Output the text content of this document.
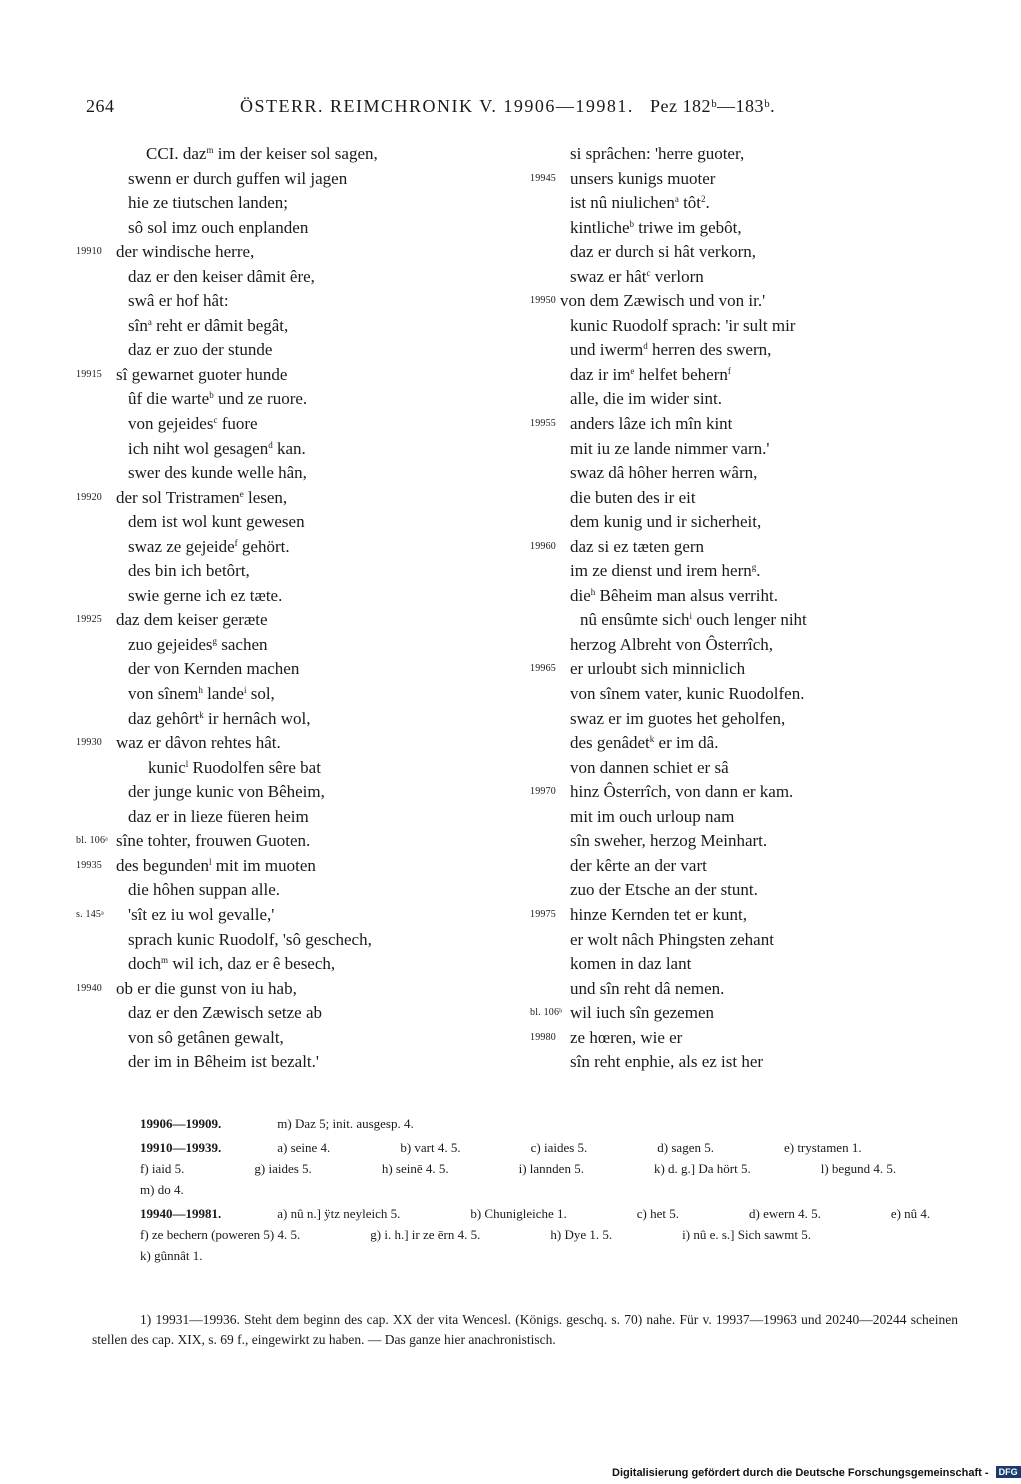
264	ÖSTERR. REIMCHRONIK V. 19906—19981. Pez 182ᵇ—183ᵇ.
CCI. daz$^m$ im der keiser sol sagen,
swenn er durch guffen wil jagen
hie ze tiutschen landen;
sô sol imz ouch enplanden
19910 der windische herre,
daz er den keiser dâmit êre,
swâ er hof hât:
sîn$^a$ reht er dâmit begât,
daz er zuo der stunde
19915 sî gewarnet guoter hunde
ûf die warte$^b$ und ze ruore.
von gejeides$^c$ fuore
ich niht wol gesagen$^d$ kan.
swer des kunde welle hân,
19920 der sol Tristramen$^e$ lesen,
dem ist wol kunt gewesen
swaz ze gejeide$^f$ gehört.
des bin ich betôrt,
swie gerne ich ez tæte.
19925 daz dem keiser geræte
zuo gejeides$^g$ sachen
der von Kernden machen
von sînem$^h$ lande$^i$ sol,
daz gehôrt$^k$ ir hernâch wol,
19930 waz er dâvon rehtes hât.
kunic$^l$ Ruodolfen sêre bat
der junge kunic von Bêheim,
daz er in lieze füeren heim
bl. 106ᵃ sîne tohter, frouwen Guoten.
19935 des begunden$^l$ mit im muoten
die hôhen suppan alle.
s. 145ᵃ 'sît ez iu wol gevalle,'
sprach kunic Ruodolf, 'sô geschech,
doch$^m$ wil ich, daz er ê besech,
19940 ob er die gunst von iu hab,
daz er den Zæwisch setze ab
von sô getânen gewalt,
der im in Bêheim ist bezalt.'
si sprâchen: 'herre guoter,
19945 unsers kunigs muoter
ist nû niulichen$^a$ tôt$^2$.
kintliche$^b$ triwe im gebôt,
daz er durch si hât verkorn,
swaz er hât$^c$ verlorn
19950 von dem Zæwisch und von ir.'
kunic Ruodolf sprach: 'ir sult mir
und iwerm$^d$ herren des swern,
daz ir $im^e$ helfet behern$^f$
alle, die im wider sint.
19955 anders lâze ich mîn kint
mit iu ze lande nimmer varn.'
swaz dâ hôher herren wârn,
die buten des ir eit
dem kunig und ir sicherheit,
19960 daz si ez tæten gern
im ze dienst und irem hern$^g$.
die$^h$ Bêheim man alsus verriht.
nû ensûmte sich$^i$ ouch lenger niht
herzog Albreht von Ôsterrîch,
19965 er urloubt sich minniclich
von sînem vater, kunic Ruodolfen.
swaz er im guotes het geholfen,
des genâdet$^k$ er im dâ.
von dannen schiet er sâ
19970 hinz Ôsterrîch, von dann er kam.
mit im ouch urloup nam
sîn sweher, herzog Meinhart.
der kêrte an der vart
zuo der Etsche an der stunt.
19975 hinze Kernden tet er kunt,
er wolt nâch Phingsten zehant
komen in daz lant
und sîn reht dâ nemen.
bl. 106ᵇ wil iuch sîn gezemen
19980 ze hœren, wie er
sîn reht enphie, als ez ist her
19906—19909.	m) Daz 5; init. ausgesp. 4.
19910—19939.	a) seine 4.	b) vart 4. 5.	c) iaides 5.	d) sagen 5.	e) trystamen 1.f) iaid 5.	g) iaides 5.	h) seinē 4. 5.	i) lannden 5.	k) d. g.] Da hört 5.	l) begund 4. 5.m) do 4.
19940—19981.	a) nû n.] ÿtz neyleich 5.	b) Chunigleiche 1.	c) het 5.	d) ewern 4. 5.	e) nû 4.f) ze bechern (poweren 5) 4. 5.	g) i. h.] ir ze ērn 4. 5.	h) Dye 1. 5.	i) nû e. s.] Sich sawmt 5.k) gûnnât 1.
1) 19931—19936. Steht dem beginn des cap. XX der vita Wencesl. (Königs. geschq. s. 70) nahe. Für v. 19937—19963 und 20240—20244 scheinen stellen des cap. XIX, s. 69 f., eingewirkt zu haben. — Das ganze hier anachronistisch.
Digitalisierung gefördert durch die Deutsche Forschungsgemeinschaft - DFG
